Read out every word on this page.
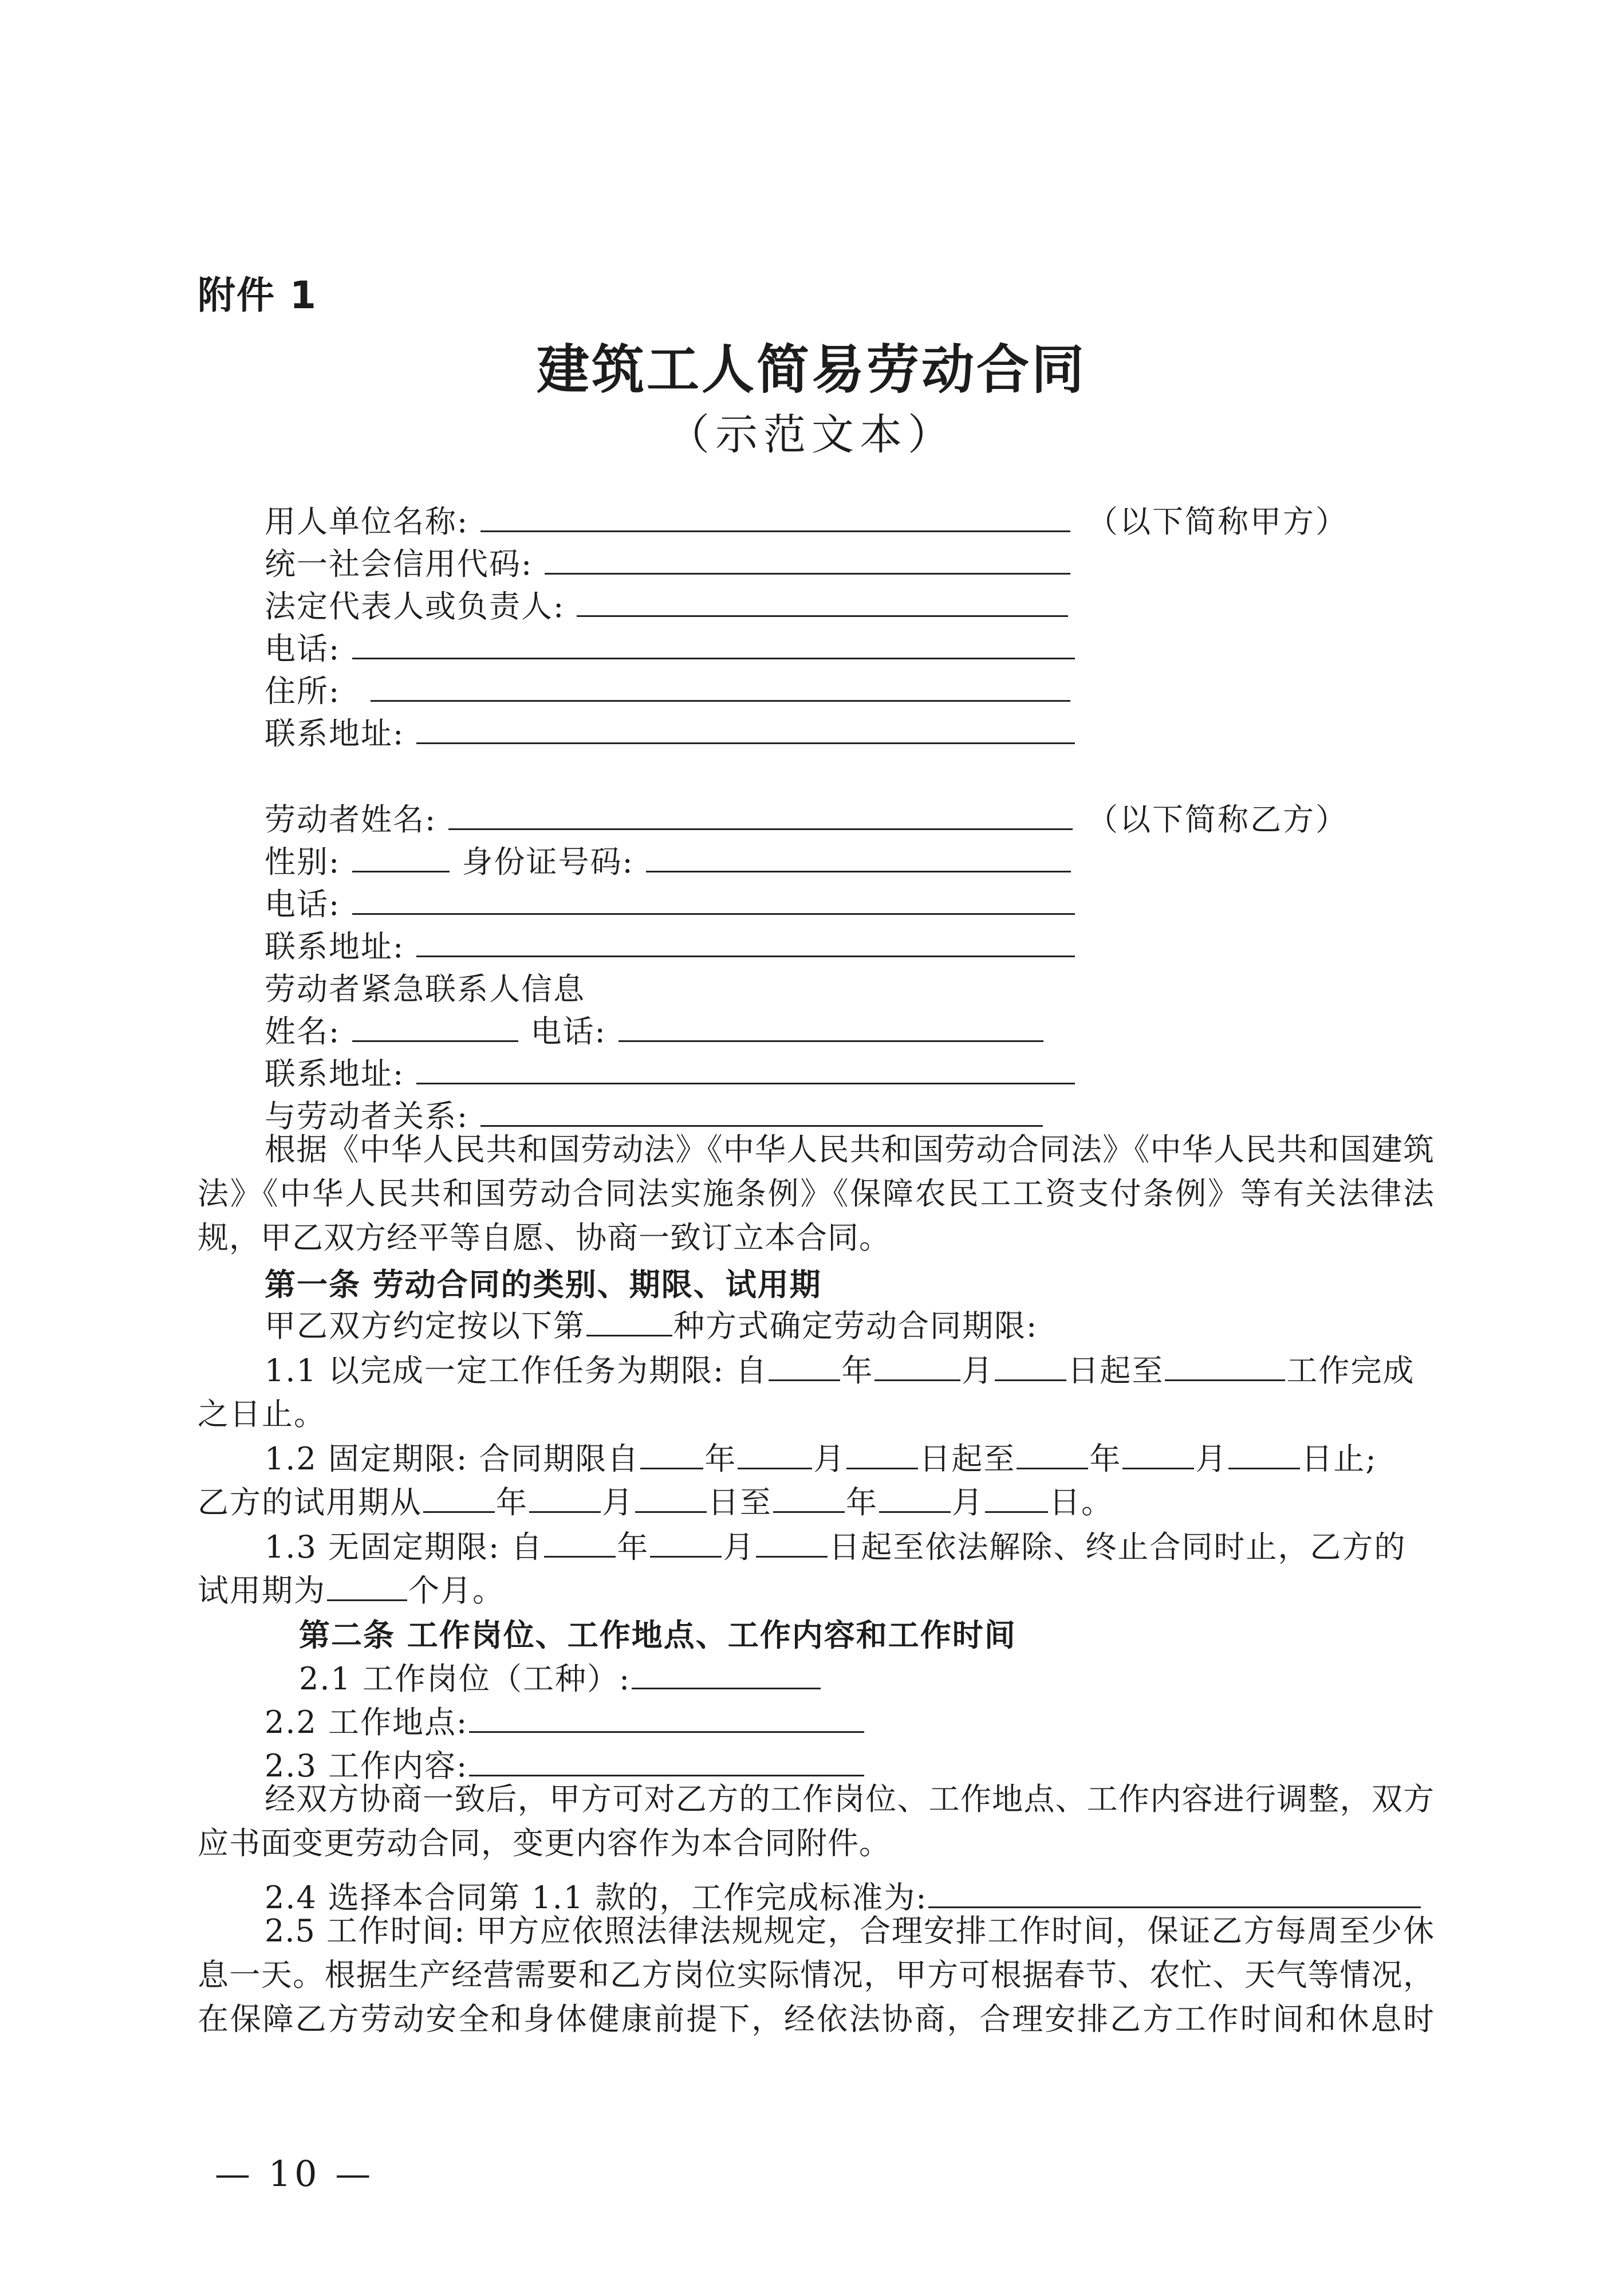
附件 1
建筑工人简易劳动合同
（示范文本）
用人单位名称:	（以下简称甲方）
统一社会信用代码:
法定代表人或负责人:
电话:
住所:
联系地址:
劳动者姓名:	（以下简称乙方）
性别:	身份证号码:
电话:
联系地址:
劳动者紧急联系人信息
姓名:	电话:
联系地址:
与劳动者关系:
根据《中华人民共和国劳动法》《中华人民共和国劳动合同法》《中华人民共和国建筑法》《中华人民共和国劳动合同法实施条例》《保障农民工工资支付条例》等有关法律法规，甲乙双方经平等自愿、协商一致订立本合同。
第一条 劳动合同的类别、期限、试用期
甲乙双方约定按以下第	种方式确定劳动合同期限:
1.1 以完成一定工作任务为期限: 自 年	月 日起至	工作完成
之日止。
1.2 固定期限: 合同期限自 年 月 日起至 年 月 日止;
乙方的试用期从 年 月 日至 年 月 日。
1.3 无固定期限: 自 年 月 日起至依法解除、终止合同时止，乙方的
试用期为	个月。
第二条 工作岗位、工作地点、工作内容和工作时间
2.1 工作岗位（工种）:
2.2 工作地点:
2.3 工作内容:
经双方协商一致后，甲方可对乙方的工作岗位、工作地点、工作内容进行调整，双方应书面变更劳动合同，变更内容作为本合同附件。
2.4 选择本合同第 1.1 款的，工作完成标准为:
2.5 工作时间: 甲方应依照法律法规规定，合理安排工作时间，保证乙方每周至少休息一天。根据生产经营需要和乙方岗位实际情况，甲方可根据春节、农忙、天气等情况，在保障乙方劳动安全和身体健康前提下，经依法协商，合理安排乙方工作时间和休息时
— 10 —
